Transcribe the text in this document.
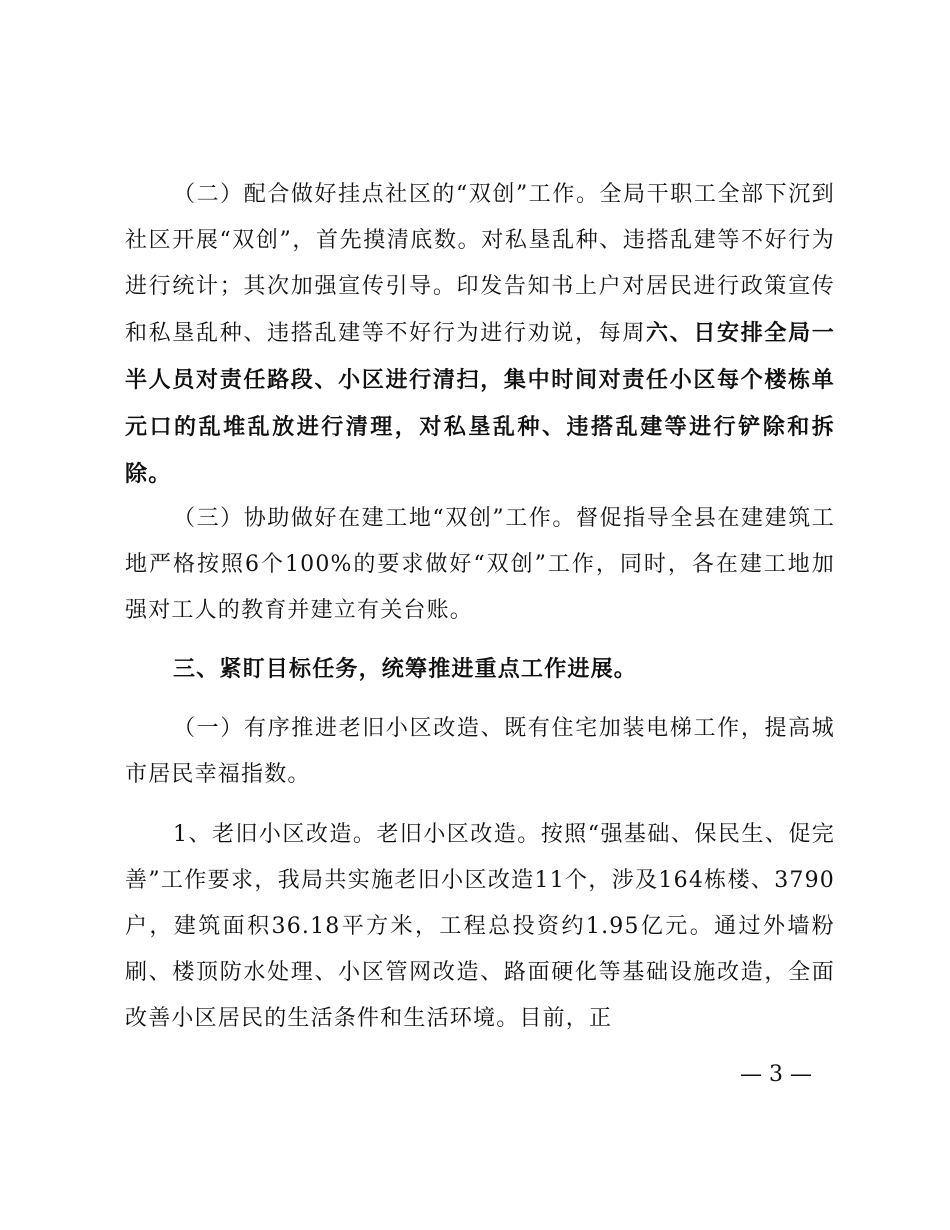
（二）配合做好挂点社区的“双创”工作。全局干职工全部下沉到社区开展“双创”，首先摸清底数。对私垦乱种、违搭乱建等不好行为进行统计；其次加强宣传引导。印发告知书上户对居民进行政策宣传和私垦乱种、违搭乱建等不好行为进行劝说，每周六、日安排全局一半人员对责任路段、小区进行清扫，集中时间对责任小区每个楼栋单元口的乱堆乱放进行清理，对私垦乱种、违搭乱建等进行铲除和拆除。

（三）协助做好在建工地“双创”工作。督促指导全县在建建筑工地严格按照6个100%的要求做好“双创”工作，同时，各在建工地加强对工人的教育并建立有关台账。

三、紧盯目标任务，统筹推进重点工作进展。

（一）有序推进老旧小区改造、既有住宅加装电梯工作，提高城市居民幸福指数。

1、老旧小区改造。老旧小区改造。按照“强基础、保民生、促完善”工作要求，我局共实施老旧小区改造11个，涉及164栋楼、3790户，建筑面积36.18平方米，工程总投资约1.95亿元。通过外墙粉刷、楼顶防水处理、小区管网改造、路面硬化等基础设施改造，全面改善小区居民的生活条件和生活环境。目前，正

— 3 —
